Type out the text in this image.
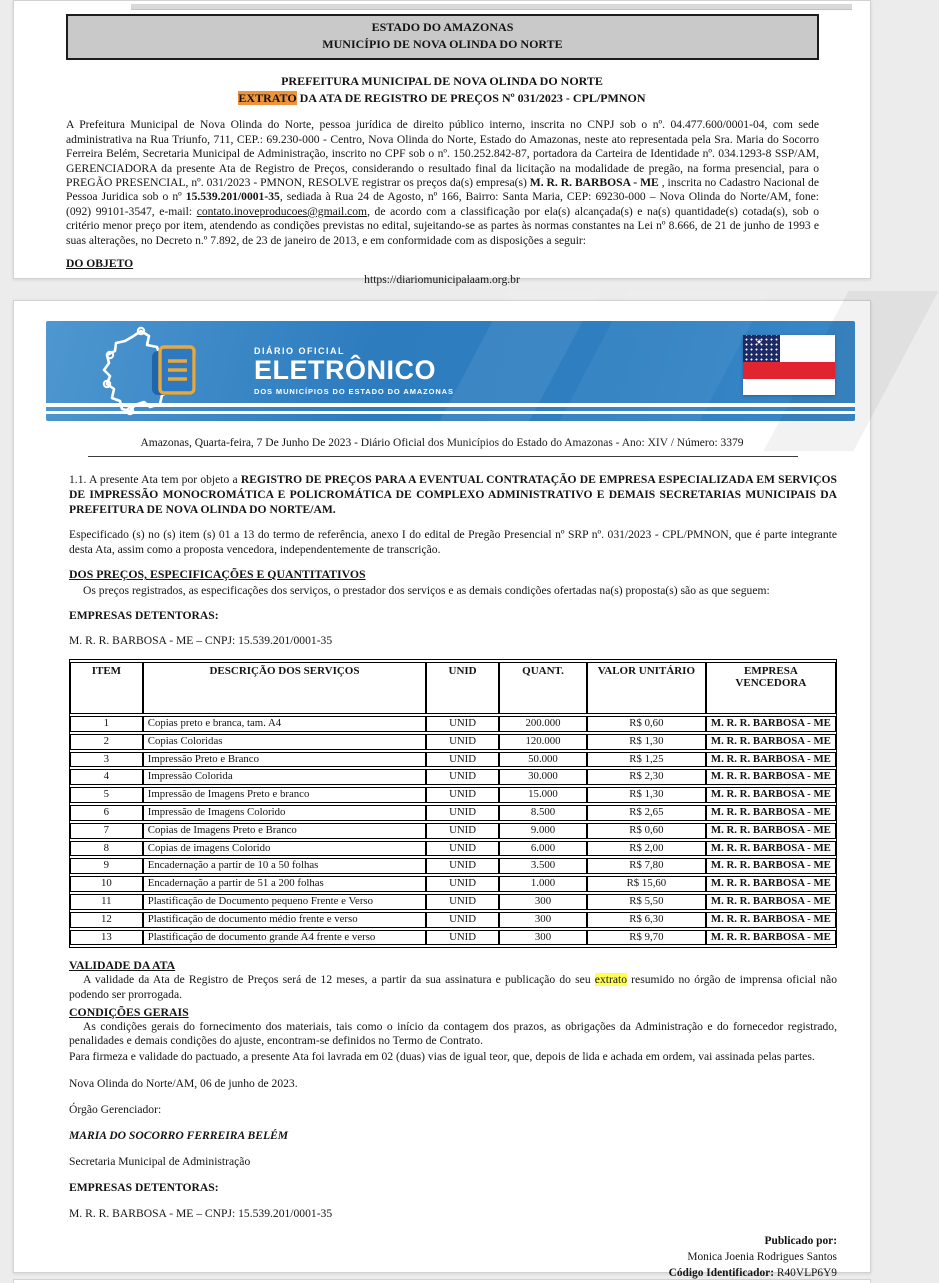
ESTADO DO AMAZONAS
MUNICÍPIO DE NOVA OLINDA DO NORTE
PREFEITURA MUNICIPAL DE NOVA OLINDA DO NORTE
EXTRATO DA ATA DE REGISTRO DE PREÇOS Nº 031/2023 - CPL/PMNON
A Prefeitura Municipal de Nova Olinda do Norte, pessoa jurídica de direito público interno, inscrita no CNPJ sob o nº. 04.477.600/0001-04, com sede administrativa na Rua Triunfo, 711, CEP.: 69.230-000 - Centro, Nova Olinda do Norte, Estado do Amazonas, neste ato representada pela Sra. Maria do Socorro Ferreira Belém, Secretaria Municipal de Administração, inscrito no CPF sob o nº. 150.252.842-87, portadora da Carteira de Identidade nº. 034.1293-8 SSP/AM, GERENCIADORA da presente Ata de Registro de Preços, considerando o resultado final da licitação na modalidade de pregão, na forma presencial, para o PREGÃO PRESENCIAL, nº. 031/2023 - PMNON, RESOLVE registrar os preços da(s) empresa(s) M. R. R. BARBOSA - ME , inscrita no Cadastro Nacional de Pessoa Juridica sob o nº 15.539.201/0001-35, sediada à Rua 24 de Agosto, nº 166, Bairro: Santa Maria, CEP: 69230-000 – Nova Olinda do Norte/AM, fone: (092) 99101-3547, e-mail: contato.inoveproducoes@gmail.com, de acordo com a classificação por ela(s) alcançada(s) e na(s) quantidade(s) cotada(s), sob o critério menor preço por item, atendendo as condições previstas no edital, sujeitando-se as partes às normas constantes na Lei nº 8.666, de 21 de junho de 1993 e suas alterações, no Decreto n.º 7.892, de 23 de janeiro de 2013, e em conformidade com as disposições a seguir:
DO OBJETO
https://diariomunicipalaam.org.br
DIÁRIO OFICIAL
ELETRÔNICO
DOS MUNICÍPIOS DO ESTADO DO AMAZONAS
★
Amazonas, Quarta-feira, 7 De Junho De 2023 - Diário Oficial dos Municípios do Estado do Amazonas - Ano: XIV / Número: 3379
1.1. A presente Ata tem por objeto a REGISTRO DE PREÇOS PARA A EVENTUAL CONTRATAÇÃO DE EMPRESA ESPECIALIZADA EM SERVIÇOS DE IMPRESSÃO MONOCROMÁTICA E POLICROMÁTICA DE COMPLEXO ADMINISTRATIVO E DEMAIS SECRETARIAS MUNICIPAIS DA PREFEITURA DE NOVA OLINDA DO NORTE/AM.
Especificado (s) no (s) item (s) 01 a 13 do termo de referência, anexo I do edital de Pregão Presencial nº SRP nº. 031/2023 - CPL/PMNON, que é parte integrante desta Ata, assim como a proposta vencedora, independentemente de transcrição.
DOS PREÇOS, ESPECIFICAÇÕES E QUANTITATIVOS
Os preços registrados, as especificações dos serviços, o prestador dos serviços e as demais condições ofertadas na(s) proposta(s) são as que seguem:
EMPRESAS DETENTORAS:
M. R. R. BARBOSA - ME – CNPJ: 15.539.201/0001-35
ITEM	DESCRIÇÃO DOS SERVIÇOS	UNID	QUANT.	VALOR UNITÁRIO	EMPRESA VENCEDORA
1	Copias preto e branca, tam. A4	UNID	200.000	R$ 0,60	M. R. R. BARBOSA - ME
2	Copias Coloridas	UNID	120.000	R$ 1,30	M. R. R. BARBOSA - ME
3	Impressão Preto e Branco	UNID	50.000	R$ 1,25	M. R. R. BARBOSA - ME
4	Impressão Colorida	UNID	30.000	R$ 2,30	M. R. R. BARBOSA - ME
5	Impressão de Imagens Preto e branco	UNID	15.000	R$ 1,30	M. R. R. BARBOSA - ME
6	Impressão de Imagens Colorido	UNID	8.500	R$ 2,65	M. R. R. BARBOSA - ME
7	Copias de Imagens Preto e Branco	UNID	9.000	R$ 0,60	M. R. R. BARBOSA - ME
8	Copias de imagens Colorido	UNID	6.000	R$ 2,00	M. R. R. BARBOSA - ME
9	Encadernação a partir de 10 a 50 folhas	UNID	3.500	R$ 7,80	M. R. R. BARBOSA - ME
10	Encadernação a partir de 51 a 200 folhas	UNID	1.000	R$ 15,60	M. R. R. BARBOSA - ME
11	Plastificação de Documento pequeno Frente e Verso	UNID	300	R$ 5,50	M. R. R. BARBOSA - ME
12	Plastificação de documento médio frente e verso	UNID	300	R$ 6,30	M. R. R. BARBOSA - ME
13	Plastificação de documento grande A4 frente e verso	UNID	300	R$ 9,70	M. R. R. BARBOSA - ME
VALIDADE DA ATA
A validade da Ata de Registro de Preços será de 12 meses, a partir da sua assinatura e publicação do seu extrato resumido no órgão de imprensa oficial não podendo ser prorrogada.
CONDIÇÕES GERAIS
As condições gerais do fornecimento dos materiais, tais como o início da contagem dos prazos, as obrigações da Administração e do fornecedor registrado, penalidades e demais condições do ajuste, encontram-se definidos no Termo de Contrato.
Para firmeza e validade do pactuado, a presente Ata foi lavrada em 02 (duas) vias de igual teor, que, depois de lida e achada em ordem, vai assinada pelas partes.
Nova Olinda do Norte/AM, 06 de junho de 2023.
Órgão Gerenciador:
MARIA DO SOCORRO FERREIRA BELÉM
Secretaria Municipal de Administração
EMPRESAS DETENTORAS:
M. R. R. BARBOSA - ME – CNPJ: 15.539.201/0001-35
Publicado por:
Monica Joenia Rodrigues Santos
Código Identificador: R40VLP6Y9
